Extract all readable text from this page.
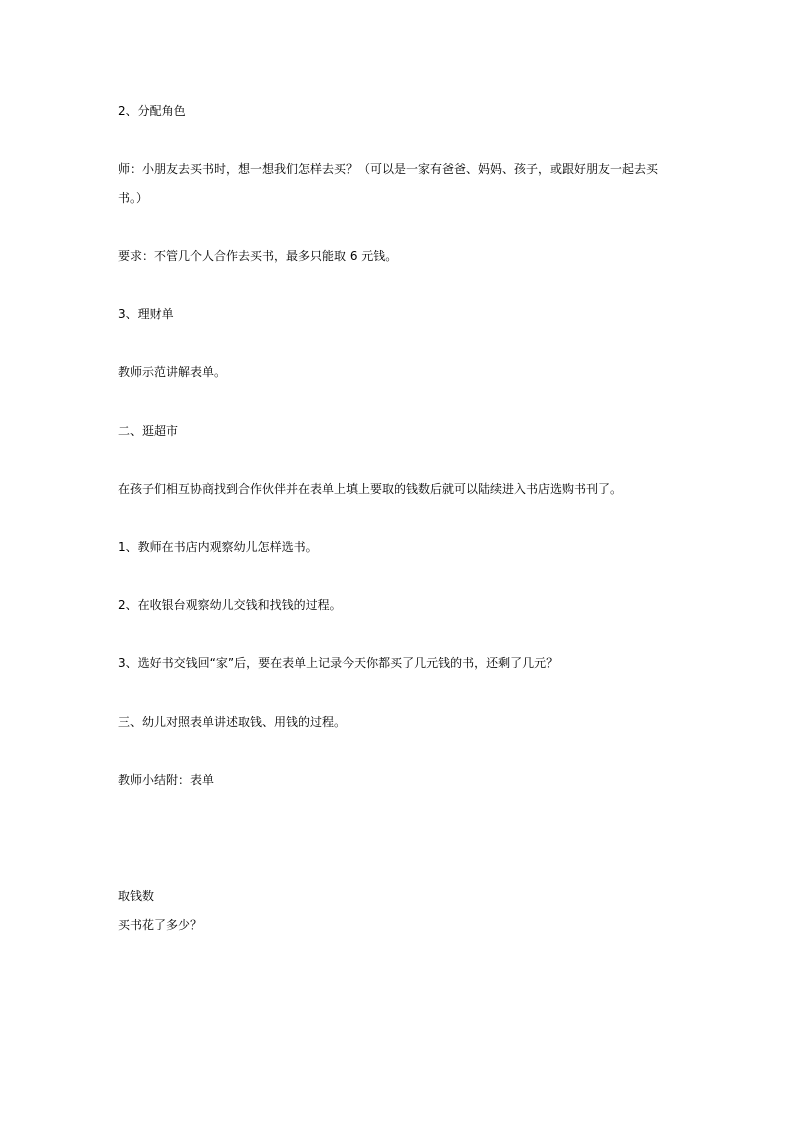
2、分配角色
师：小朋友去买书时，想一想我们怎样去买？（可以是一家有爸爸、妈妈、孩子，或跟好朋友一起去买
书。）
要求：不管几个人合作去买书，最多只能取 6 元钱。
3、理财单
教师示范讲解表单。
二、逛超市
在孩子们相互协商找到合作伙伴并在表单上填上要取的钱数后就可以陆续进入书店选购书刊了。
1、教师在书店内观察幼儿怎样选书。
2、在收银台观察幼儿交钱和找钱的过程。
3、选好书交钱回“家”后，要在表单上记录今天你都买了几元钱的书，还剩了几元？
三、幼儿对照表单讲述取钱、用钱的过程。
教师小结附：表单
取钱数
买书花了多少？
